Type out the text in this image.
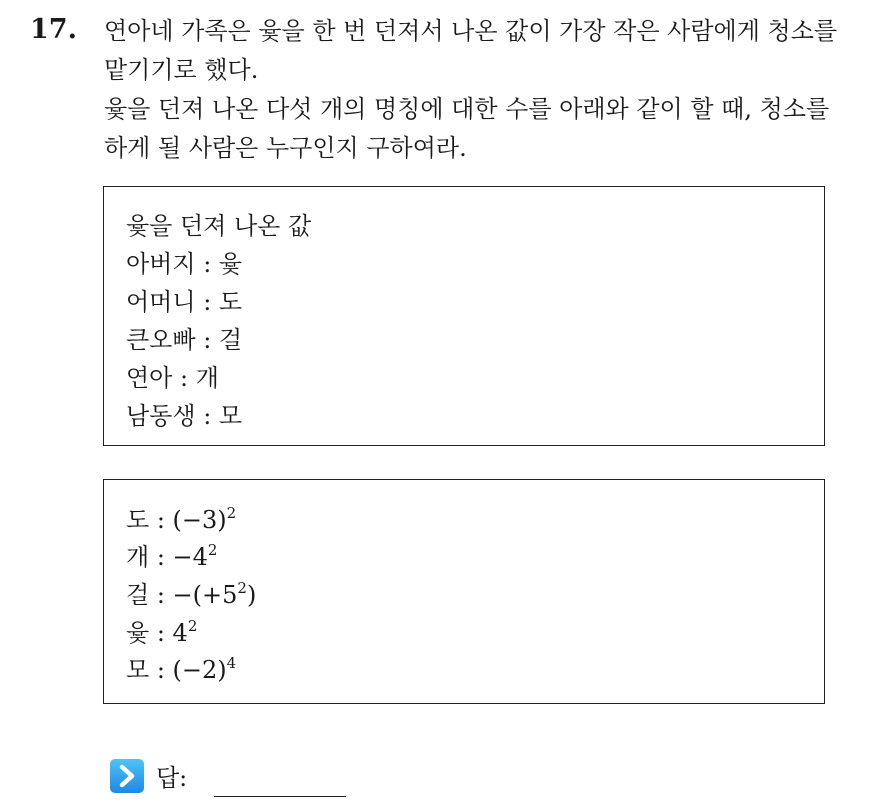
17. 연아네 가족은 윷을 한 번 던져서 나온 값이 가장 작은 사람에게 청소를
맡기기로 했다.
윷을 던져 나온 다섯 개의 명칭에 대한 수를 아래와 같이 할 때, 청소를
하게 될 사람은 누구인지 구하여라.
윷을 던져 나온 값
아버지 : 윷
어머니 : 도
큰오빠 : 걸
연아 : 개
남동생 : 모
도 : $(-3)^2$
개 : $-4^2$
걸 : $-(+5^2)$
윷 : $4^2$
모 : $(-2)^4$
답:
